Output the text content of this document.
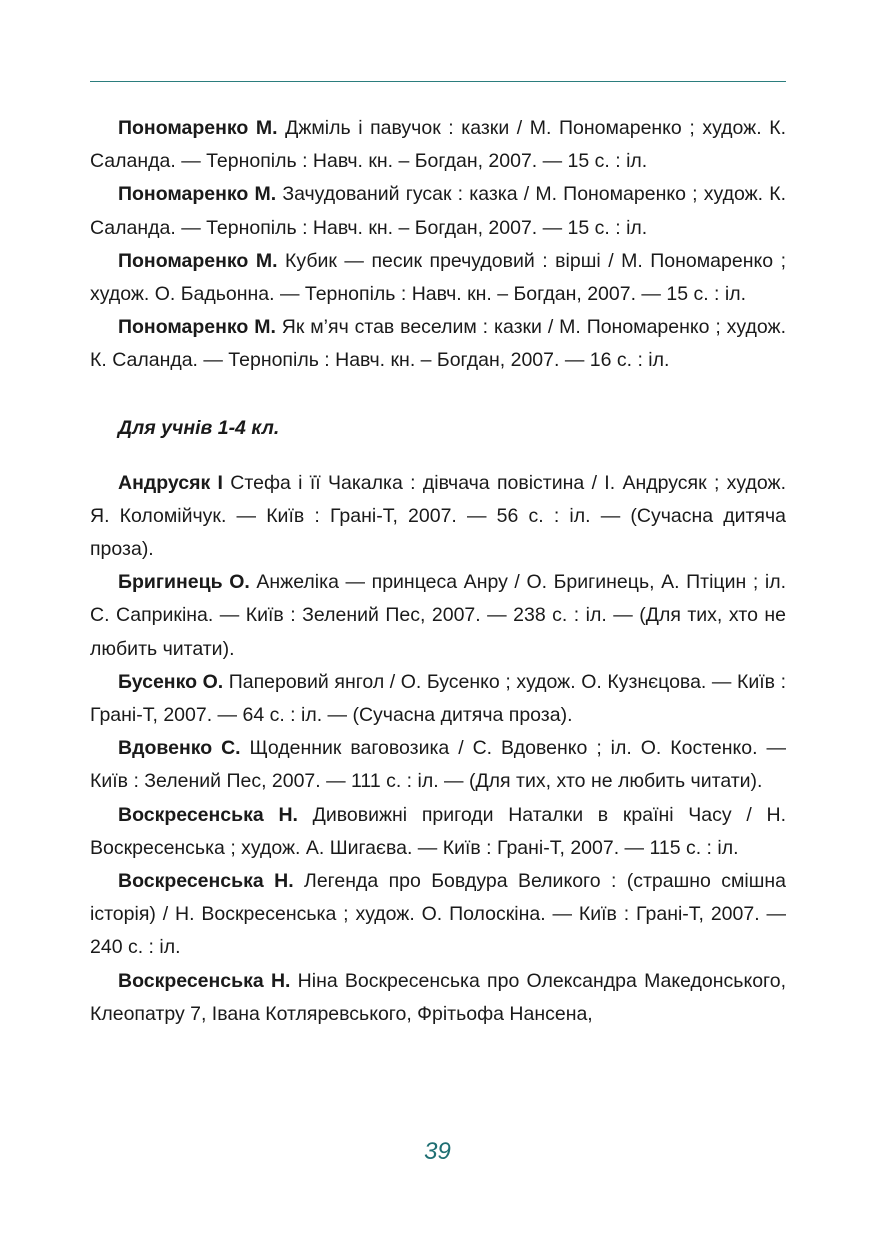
Пономаренко М. Джміль і павучок : казки / М. Пономаренко ; худож. К. Саланда. — Тернопіль : Навч. кн. – Богдан, 2007. — 15 с. : іл.

Пономаренко М. Зачудований гусак : казка / М. Пономаренко ; худож. К. Саланда. — Тернопіль : Навч. кн. – Богдан, 2007. — 15 с. : іл.

Пономаренко М. Кубик — песик пречудовий : вірші / М. Пономаренко ; худож. О. Бадьонна. — Тернопіль : Навч. кн. – Богдан, 2007. — 15 с. : іл.

Пономаренко М. Як м’яч став веселим : казки / М. Пономаренко ; худож. К. Саланда. — Тернопіль : Навч. кн. – Богдан, 2007. — 16 с. : іл.

Для учнів 1-4 кл.

Андрусяк І Стефа і її Чакалка : дівчача повістина / І. Андрусяк ; худож. Я. Коломійчук. — Київ : Грані-Т, 2007. — 56 с. : іл. — (Сучасна дитяча проза).

Бригинець О. Анжеліка — принцеса Анру / О. Бригинець, А. Птіцин ; іл. С. Саприкіна. — Київ : Зелений Пес, 2007. — 238 с. : іл. — (Для тих, хто не любить читати).

Бусенко О. Паперовий янгол / О. Бусенко ; худож. О. Кузнєцова. — Київ : Грані-Т, 2007. — 64 с. : іл. — (Сучасна дитяча проза).

Вдовенко С. Щоденник ваговозика / С. Вдовенко ; іл. О. Костенко. — Київ : Зелений Пес, 2007. — 111 с. : іл. — (Для тих, хто не любить читати).

Воскресенська Н. Дивовижні пригоди Наталки в країні Часу / Н. Воскресенська ; худож. А. Шигаєва. — Київ : Грані-Т, 2007. — 115 с. : іл.

Воскресенська Н. Легенда про Бовдура Великого : (страшно смішна історія) / Н. Воскресенська ; худож. О. Полоскіна. — Київ : Грані-Т, 2007. — 240 с. : іл.

Воскресенська Н. Ніна Воскресенська про Олександра Македонського, Клеопатру 7, Івана Котляревського, Фрітьофа Нансена,

39
